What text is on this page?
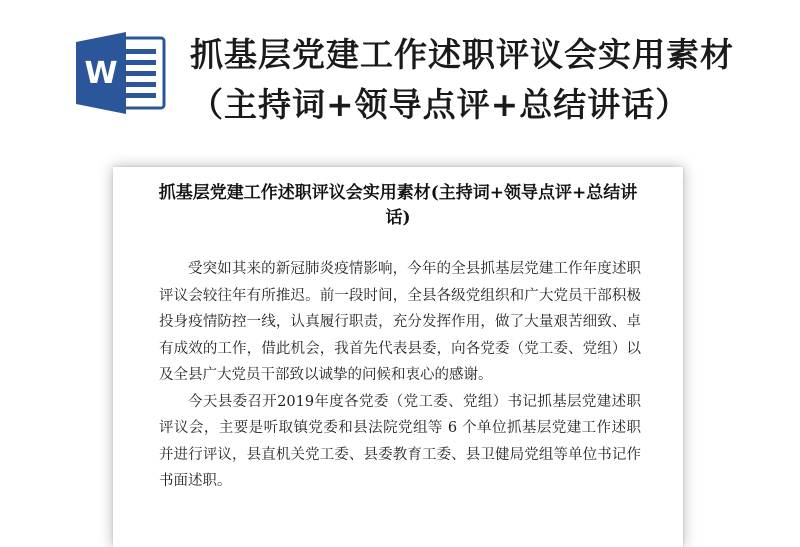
W 抓基层党建工作述职评议会实用素材（主持词+领导点评+总结讲话）
抓基层党建工作述职评议会实用素材(主持词+领导点评+总结讲话)

受突如其来的新冠肺炎疫情影响，今年的全县抓基层党建工作年度述职评议会较往年有所推迟。前一段时间，全县各级党组织和广大党员干部积极投身疫情防控一线，认真履行职责，充分发挥作用，做了大量艰苦细致、卓有成效的工作，借此机会，我首先代表县委，向各党委（党工委、党组）以及全县广大党员干部致以诚挚的问候和衷心的感谢。

今天县委召开2019年度各党委（党工委、党组）书记抓基层党建述职评议会，主要是听取镇党委和县法院党组等 6 个单位抓基层党建工作述职并进行评议，县直机关党工委、县委教育工委、县卫健局党组等单位书记作书面述职。
